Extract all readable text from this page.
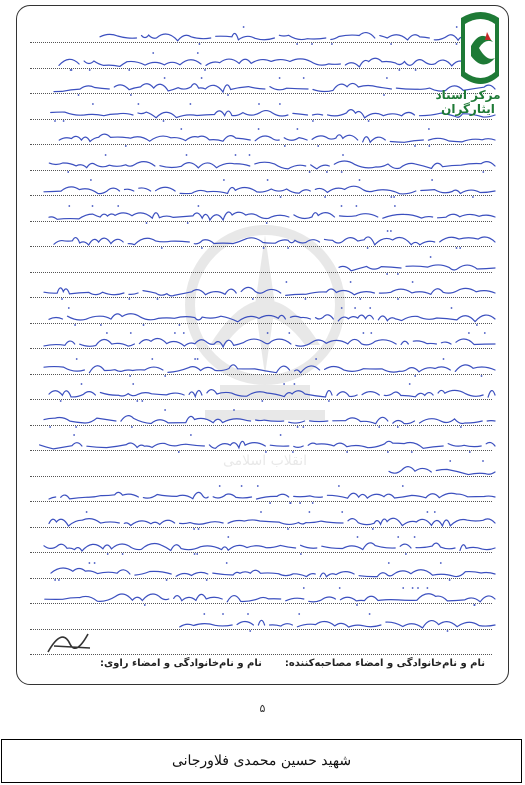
انقلاب اسلامی
مرکز اسناد ایثارگران
نام و نام‌خانوادگی و امضاء مصاحبه‌کننده:
نام و نام‌خانوادگی و امضاء راوی:
۵
شهید حسین محمدی فلاورجانی
